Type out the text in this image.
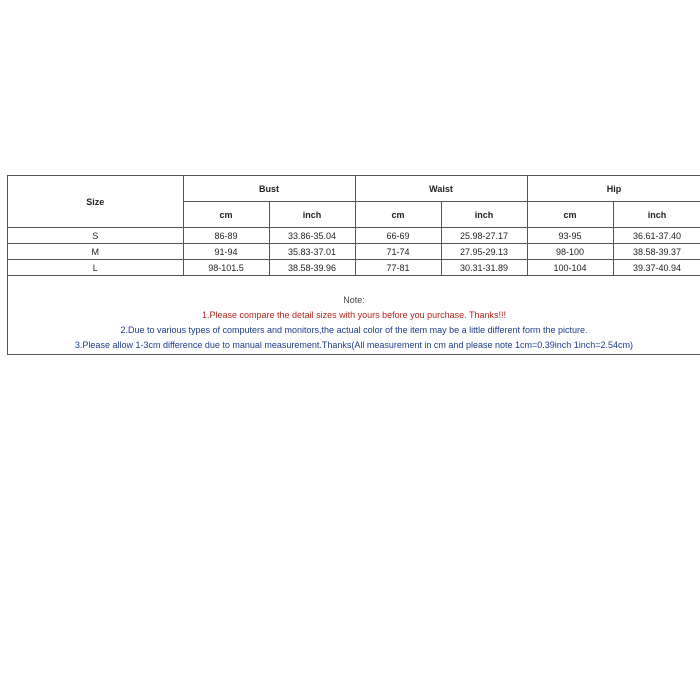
Size	Bust		Waist		Hip	
	cm	inch	cm	inch	cm	inch
S	86-89	33.86-35.04	66-69	25.98-27.17	93-95	36.61-37.40
M	91-94	35.83-37.01	71-74	27.95-29.13	98-100	38.58-39.37
L	98-101.5	38.58-39.96	77-81	30.31-31.89	100-104	39.37-40.94
Note:
1.Please compare the detail sizes with yours before you purchase. Thanks!!!
2.Due to various types of computers and monitors,the actual color of the item may be a little different form the picture.
3.Please allow 1-3cm difference due to manual measurement.Thanks(All measurement in cm and please note 1cm=0.39inch 1inch=2.54cm)
